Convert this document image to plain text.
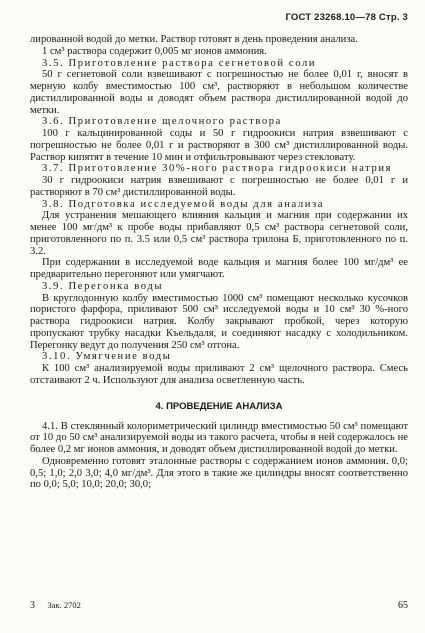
ГОСТ 23268.10—78 Стр. 3

лированной водой до метки. Раствор готовят в день проведения анализа.

1 см³ раствора содержит 0,005 мг ионов аммония.

3.5. Приготовление раствора сегнетовой соли

50 г сегнетовой соли взвешивают с погрешностью не более 0,01 г, вносят в мерную колбу вместимостью 100 см³, растворяют в небольшом количестве дистиллированной воды и доводят объем раствора дистиллированной водой до метки.

3.6. Приготовление щелочного раствора

100 г кальцинированной соды и 50 г гидроокиси натрия взвешивают с погрешностью не более 0,01 г и растворяют в 300 см³ дистиллированной воды. Раствор кипятят в течение 10 мин и отфильтровывают через стекловату.

3.7. Приготовление 30%-ного раствора гидроокиси натрия

30 г гидроокиси натрия взвешивают с погрешностью не более 0,01 г и растворяют в 70 см³ дистиллированной воды.

3.8. Подготовка исследуемой воды для анализа

Для устранения мешающего влияния кальция и магния при содержании их менее 100 мг/дм³ к пробе воды прибавляют 0,5 см³ раствора сегнетовой соли, приготовленного по п. 3.5 или 0,5 см³ раствора трилона Б, приготовленного по п. 3.2.

При содержании в исследуемой воде кальция и магния более 100 мг/дм³ ее предварительно перегоняют или умягчают.

3.9. Перегонка воды

В круглодонную колбу вместимостью 1000 см³ помещают несколько кусочков пористого фарфора, приливают 500 см³ исследуемой воды и 10 см³ 30 %-ного раствора гидроокиси натрия. Колбу закрывают пробкой, через которую пропускают трубку насадки Къельдаля, и соединяют насадку с холодильником. Перегонку ведут до получения 250 см³ отгона.

3.10. Умягчение воды

К 100 см³ анализируемой воды приливают 2 см³ щелочного раствора. Смесь отстаивают 2 ч. Используют для анализа осветленную часть.

4. ПРОВЕДЕНИЕ АНАЛИЗА

4.1. В стеклянный колориметрический цилиндр вместимостью 50 см³ помещают от 10 до 50 см³ анализируемой воды из такого расчета, чтобы в ней содержалось не более 0,2 мг ионов аммония, и доводят объем дистиллированной водой до метки.

Одновременно готовят эталонные растворы с содержанием ионов аммония. 0,0; 0,5; 1,0; 2,0 3,0; 4,0 мг/дм³. Для этого в такие же цилиндры вносят соответственно по 0,0; 5,0; 10,0; 20,0; 30,0;

3 Зак. 2702	65
